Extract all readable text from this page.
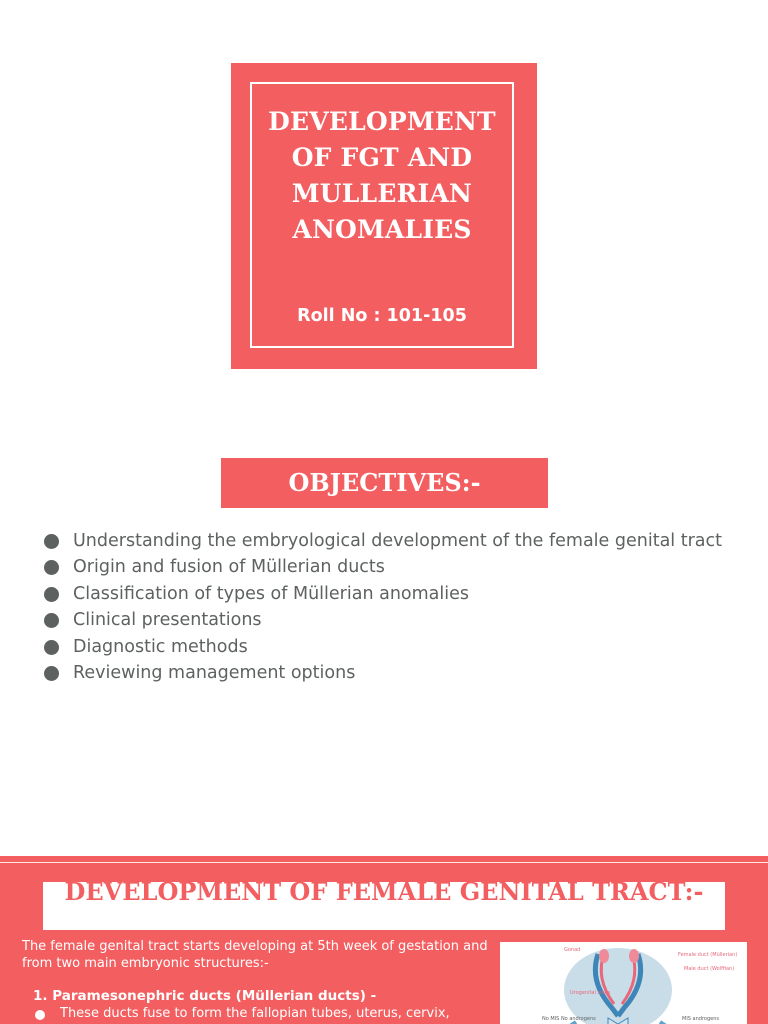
DEVELOPMENT OF FGT AND MULLERIAN ANOMALIES
Roll No : 101-105
OBJECTIVES:-
Understanding the embryological development of the female genital tract
Origin and fusion of Müllerian ducts
Classification of types of Müllerian anomalies
Clinical presentations
Diagnostic methods
Reviewing management options
DEVELOPMENT OF FEMALE GENITAL TRACT:-
The female genital tract starts developing at 5th week of gestation and from two main embryonic structures:-
1. Paramesonephric ducts (Müllerian ducts) -
These ducts fuse to form the fallopian tubes, uterus, cervix,
Gonad
Female duct (Müllerian)
Male duct (Wolffian)
Urogenital sinus
No MIS No androgens	MIS androgens
